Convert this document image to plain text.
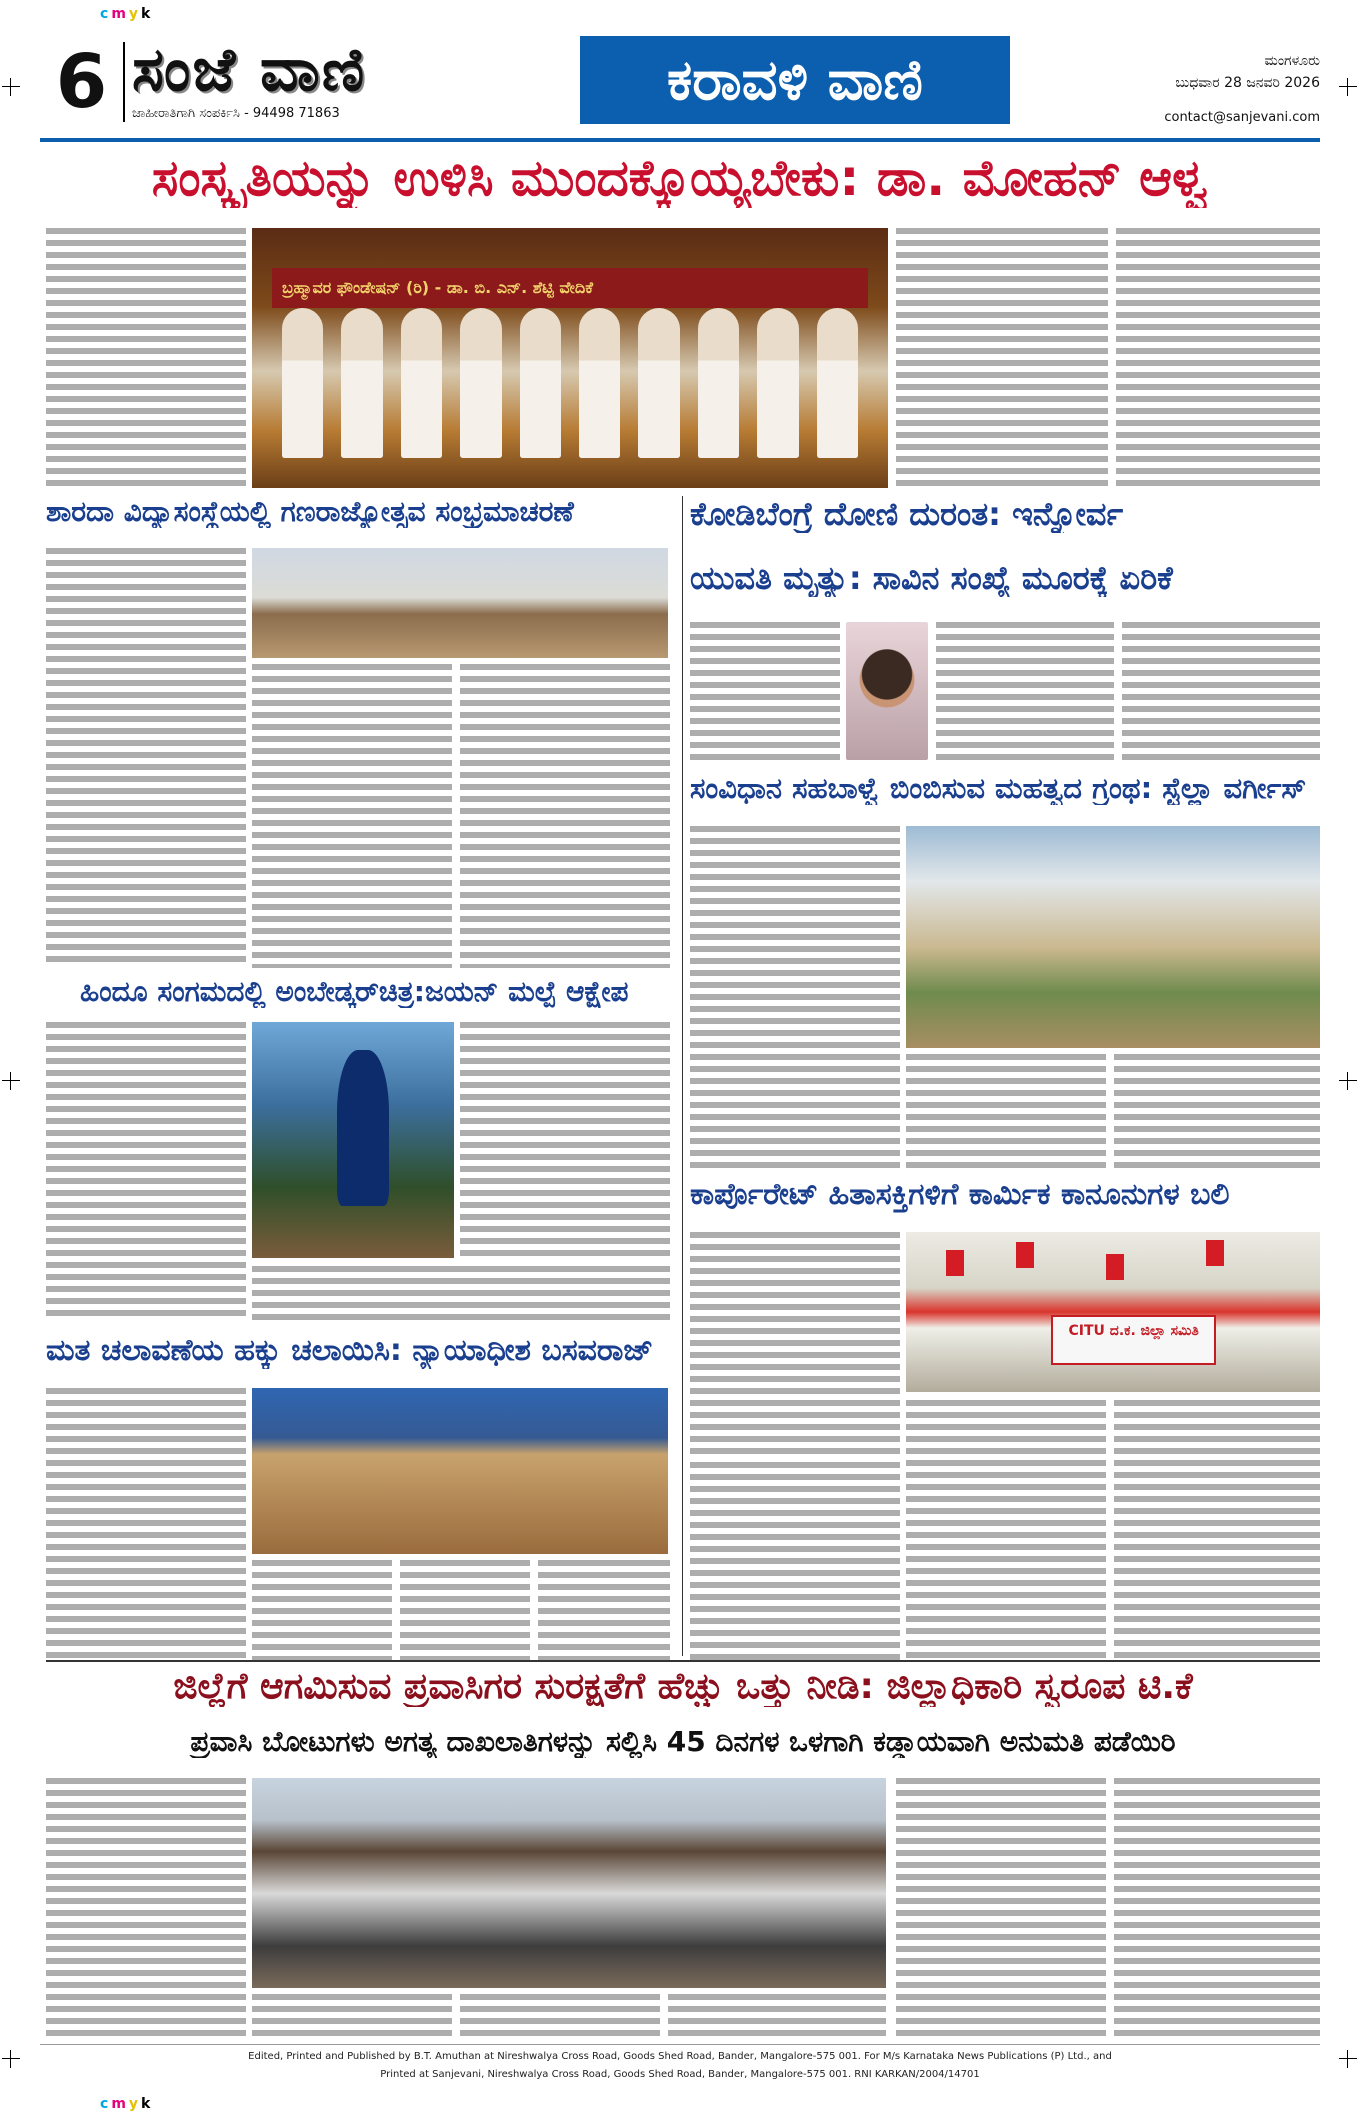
cmyk
cmyk
6 ಸಂಜೆ ವಾಣಿ
ಜಾಹೀರಾತಿಗಾಗಿ ಸಂಪರ್ಕಿಸಿ - 94498 71863
ಕರಾವಳಿ ವಾಣಿ	ಮಂಗಳೂರು
ಬುಧವಾರ 28 ಜನವರಿ 2026
contact@sanjevani.com
ಸಂಸ್ಕೃತಿಯನ್ನು ಉಳಿಸಿ ಮುಂದಕ್ಕೊಯ್ಯಬೇಕು: ಡಾ. ಮೋಹನ್ ಆಳ್ವ
ಬ್ರಹ್ಮಾವರ ಫೌಂಡೇಷನ್ (ರಿ) - ಡಾ. ಬಿ. ಎನ್. ಶೆಟ್ಟಿ ವೇದಿಕೆ
ಶಾರದಾ ವಿದ್ಯಾಸಂಸ್ಥೆಯಲ್ಲಿ ಗಣರಾಜ್ಯೋತ್ಸವ ಸಂಭ್ರಮಾಚರಣೆ	ಕೋಡಿಬೆಂಗ್ರೆ ದೋಣಿ ದುರಂತ: ಇನ್ನೋರ್ವ
ಯುವತಿ ಮೃತ್ಯು: ಸಾವಿನ ಸಂಖ್ಯೆ ಮೂರಕ್ಕೆ ಏರಿಕೆ
ಸಂವಿಧಾನ ಸಹಬಾಳ್ವೆ ಬಿಂಬಿಸುವ ಮಹತ್ವದ ಗ್ರಂಥ: ಸ್ಟೆಲ್ಲಾ ವರ್ಗೀಸ್
ಹಿಂದೂ ಸಂಗಮದಲ್ಲಿ ಅಂಬೇಡ್ಕರ್‌ಚಿತ್ರ:ಜಯನ್ ಮಲ್ಪೆ ಆಕ್ಷೇಪ
ಕಾರ್ಪೊರೇಟ್ ಹಿತಾಸಕ್ತಿಗಳಿಗೆ ಕಾರ್ಮಿಕ ಕಾನೂನುಗಳ ಬಲಿ
CITU ದ.ಕ. ಜಿಲ್ಲಾ ಸಮಿತಿ
ಮತ ಚಲಾವಣೆಯ ಹಕ್ಕು ಚಲಾಯಿಸಿ: ನ್ಯಾಯಾಧೀಶ ಬಸವರಾಜ್
ಜಿಲ್ಲೆಗೆ ಆಗಮಿಸುವ ಪ್ರವಾಸಿಗರ ಸುರಕ್ಷತೆಗೆ ಹೆಚ್ಚು ಒತ್ತು ನೀಡಿ: ಜಿಲ್ಲಾಧಿಕಾರಿ ಸ್ವರೂಪ ಟಿ.ಕೆ
ಪ್ರವಾಸಿ ಬೋಟುಗಳು ಅಗತ್ಯ ದಾಖಲಾತಿಗಳನ್ನು ಸಲ್ಲಿಸಿ 45 ದಿನಗಳ ಒಳಗಾಗಿ ಕಡ್ಡಾಯವಾಗಿ ಅನುಮತಿ ಪಡೆಯಿರಿ
Edited, Printed and Published by B.T. Amuthan at Nireshwalya Cross Road, Goods Shed Road, Bander, Mangalore-575 001. For M/s Karnataka News Publications (P) Ltd., and
Printed at Sanjevani, Nireshwalya Cross Road, Goods Shed Road, Bander, Mangalore-575 001. RNI KARKAN/2004/14701
